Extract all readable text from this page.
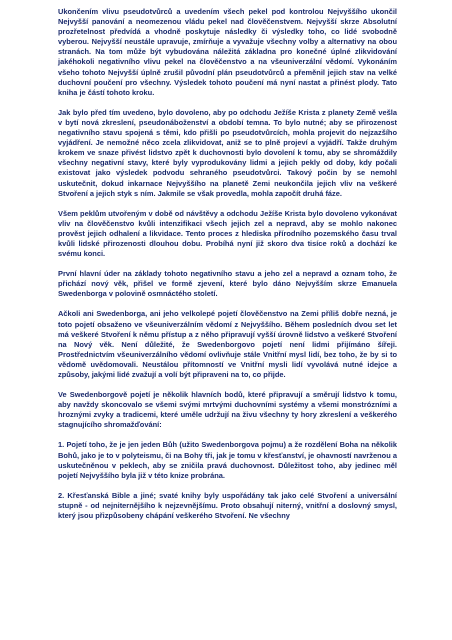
Ukončením vlivu pseudotvůrců a uvedením všech pekel pod kontrolou Nejvyššího ukončil Nejvyšší panování a neomezenou vládu pekel nad člověčenstvem. Nejvyšší skrze Absolutní prozřetelnost předvídá a vhodně poskytuje následky či výsledky toho, co lidé svobodně vyberou. Nejvyšší neustále upravuje, zmírňuje a vyvažuje všechny volby a alternativy na obou stranách. Na tom může být vybudována náležitá základna pro konečné úplné zlikvidování jakéhokoli negativního vlivu pekel na člověčenstvo a na všeuniverzální vědomí. Vykonáním všeho tohoto Nejvyšší úplně zrušil původní plán pseudotvůrců a přeměnil jejich stav na velké duchovní poučení pro všechny. Výsledek tohoto poučení má nyní nastat a přinést plody. Tato kniha je částí tohoto kroku.

Jak bylo před tím uvedeno, bylo dovoleno, aby po odchodu Ježíše Krista z planety Země vešla v bytí nová zkreslení, pseudonáboženství a období temna. To bylo nutné; aby se přirozenost negativního stavu spojená s těmi, kdo přišli po pseudotvůrcích, mohla projevit do nejzazšího vyjádření. Je nemožné něco zcela zlikvidovat, aniž se to plně projeví a vyjádří. Takže druhým krokem ve snaze přivést lidstvo zpět k duchovnosti bylo dovolení k tomu, aby se shromáždily všechny negativní stavy, které byly vyprodukovány lidmi a jejich pekly od doby, kdy počali existovat jako výsledek podvodu sehraného pseudotvůrci. Takový počin by se nemohl uskutečnit, dokud inkarnace Nejvyššího na planetě Zemi neukončila jejich vliv na veškeré Stvoření a jejich styk s ním. Jakmile se však provedla, mohla započít druhá fáze.

Všem peklům utvořeným v době od návštěvy a odchodu Ježíše Krista bylo dovoleno vykonávat vliv na člověčenstvo kvůli intenzifikaci všech jejich zel a nepravd, aby se mohlo nakonec prověst jejich odhalení a likvidace. Tento proces z hlediska přírodního pozemského času trval kvůli lidské přirozenosti dlouhou dobu. Probíhá nyní již skoro dva tisíce roků a dochází ke svému konci.

První hlavní úder na základy tohoto negativního stavu a jeho zel a nepravd a oznam toho, že přichází nový věk, přišel ve formě zjevení, které bylo dáno Nejvyšším skrze Emanuela Swedenborga v polovině osmnáctého století.

Ačkoli ani Swedenborga, ani jeho velkolepé pojetí člověčenstvo na Zemi příliš dobře nezná, je toto pojetí obsaženo ve všeuniverzálním vědomí z Nejvyššího. Během posledních dvou set let má veškeré Stvoření k němu přístup a z něho připravují vyšší úrovně lidstvo a veškeré Stvoření na Nový věk. Není důležité, že Swedenborgovo pojetí není lidmi přijímáno šířeji. Prostřednictvím všeuniverzálního vědomí ovlivňuje stále Vnitřní mysl lidí, bez toho, že by si to vědomě uvědomovali. Neustálou přítomností ve Vnitřní mysli lidí vyvolává nutné idejce a způsoby, jakými lidé zvažují a volí být připraveni na to, co přijde.

Ve Swedenborgově pojetí je několik hlavních bodů, které připravují a směrují lidstvo k tomu, aby navždy skoncovalo se všemi svými mrtvými duchovními systémy a všemi monstrózními a hroznými zvyky a tradicemi, které uměle udržují na živu všechny ty hory zkreslení a veškerého stagnujícího shromažďování:

1. Pojetí toho, že je jen jeden Bůh (užito Swedenborgova pojmu) a že rozdělení Boha na několik Bohů, jako je to v polyteismu, či na Bohy tři, jak je tomu v křesťanství, je ohavností navrženou a uskutečněnou v peklech, aby se zničila pravá duchovnost. Důležitost toho, aby jedinec měl pojetí Nejvyššího byla již v této knize probrána.

2. Křesťanská Bible a jiné; svaté knihy byly uspořádány tak jako celé Stvoření a universální stupně - od nejniternějšího k nejzevnějšímu. Proto obsahují niterný, vnitřní a doslovný smysl, který jsou přizpůsobeny chápání veškerého Stvoření. Ne všechny
